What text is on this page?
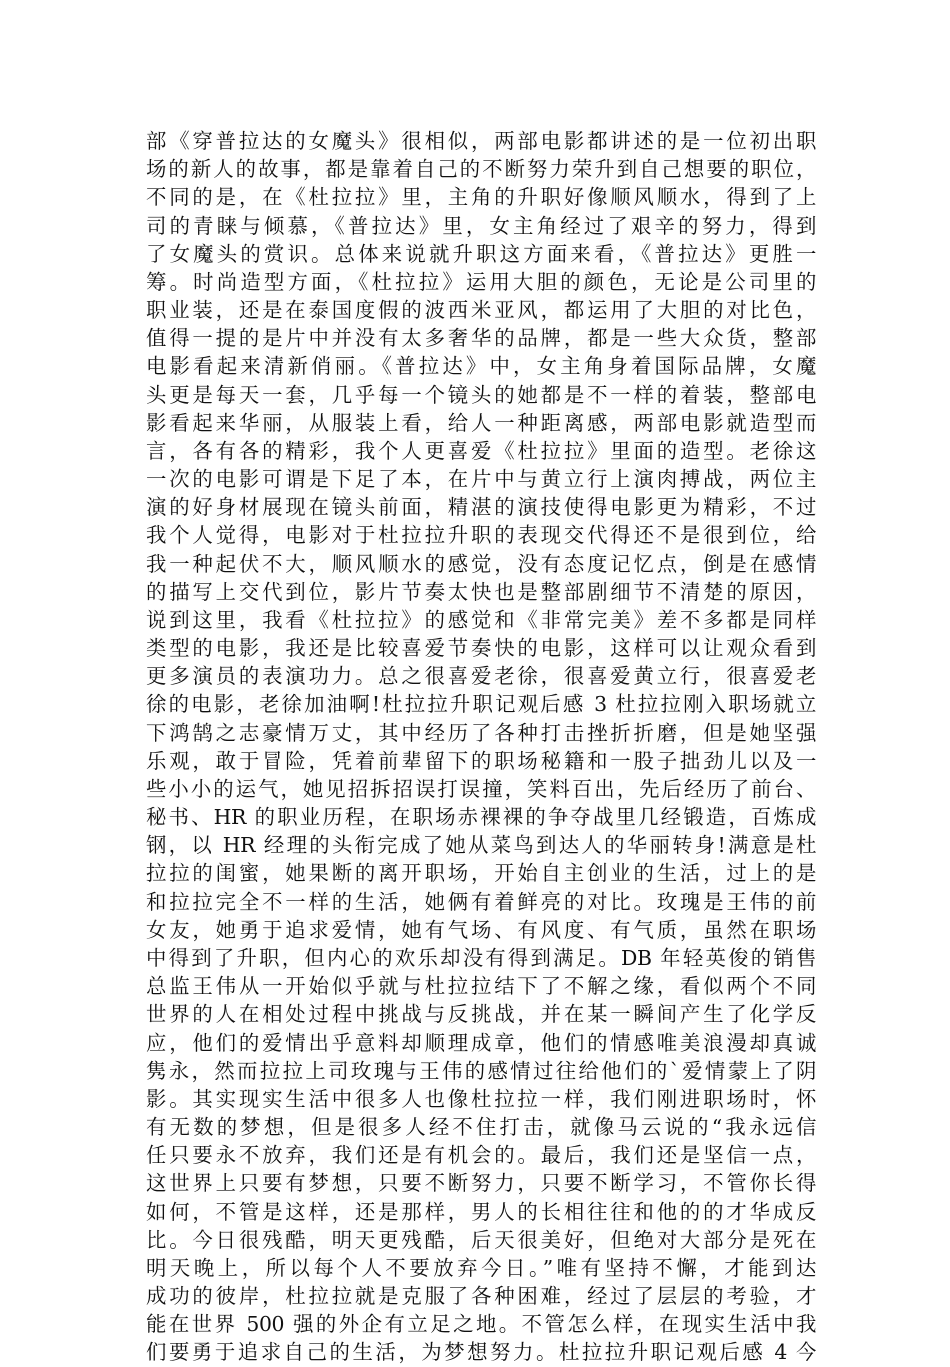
部《穿普拉达的女魔头》很相似，两部电影都讲述的是一位初出职
场的新人的故事，都是靠着自己的不断努力荣升到自己想要的职位，
不同的是，在《杜拉拉》里，主角的升职好像顺风顺水，得到了上
司的青睐与倾慕，《普拉达》里，女主角经过了艰辛的努力，得到
了女魔头的赏识。总体来说就升职这方面来看，《普拉达》更胜一
筹。时尚造型方面，《杜拉拉》运用大胆的颜色，无论是公司里的
职业装，还是在泰国度假的波西米亚风，都运用了大胆的对比色，
值得一提的是片中并没有太多奢华的品牌，都是一些大众货，整部
电影看起来清新俏丽。《普拉达》中，女主角身着国际品牌，女魔
头更是每天一套，几乎每一个镜头的她都是不一样的着装，整部电
影看起来华丽，从服装上看，给人一种距离感，两部电影就造型而
言，各有各的精彩，我个人更喜爱《杜拉拉》里面的造型。老徐这
一次的电影可谓是下足了本，在片中与黄立行上演肉搏战，两位主
演的好身材展现在镜头前面，精湛的演技使得电影更为精彩，不过
我个人觉得，电影对于杜拉拉升职的表现交代得还不是很到位，给
我一种起伏不大，顺风顺水的感觉，没有态度记忆点，倒是在感情
的描写上交代到位，影片节奏太快也是整部剧细节不清楚的原因，
说到这里，我看《杜拉拉》的感觉和《非常完美》差不多都是同样
类型的电影，我还是比较喜爱节奏快的电影，这样可以让观众看到
更多演员的表演功力。总之很喜爱老徐，很喜爱黄立行，很喜爱老
徐的电影，老徐加油啊!杜拉拉升职记观后感 3 杜拉拉刚入职场就立
下鸿鹄之志豪情万丈，其中经历了各种打击挫折折磨，但是她坚强
乐观，敢于冒险，凭着前辈留下的职场秘籍和一股子拙劲儿以及一
些小小的运气，她见招拆招误打误撞，笑料百出，先后经历了前台、
秘书、HR 的职业历程，在职场赤裸裸的争夺战里几经锻造，百炼成
钢，以 HR 经理的头衔完成了她从菜鸟到达人的华丽转身!满意是杜
拉拉的闺蜜，她果断的离开职场，开始自主创业的生活，过上的是
和拉拉完全不一样的生活，她俩有着鲜亮的对比。玫瑰是王伟的前
女友，她勇于追求爱情，她有气场、有风度、有气质，虽然在职场
中得到了升职，但内心的欢乐却没有得到满足。DB 年轻英俊的销售
总监王伟从一开始似乎就与杜拉拉结下了不解之缘，看似两个不同
世界的人在相处过程中挑战与反挑战，并在某一瞬间产生了化学反
应，他们的爱情出乎意料却顺理成章，他们的情感唯美浪漫却真诚
隽永，然而拉拉上司玫瑰与王伟的感情过往给他们的`爱情蒙上了阴
影。其实现实生活中很多人也像杜拉拉一样，我们刚进职场时，怀
有无数的梦想，但是很多人经不住打击，就像马云说的“我永远信
任只要永不放弃，我们还是有机会的。最后，我们还是坚信一点，
这世界上只要有梦想，只要不断努力，只要不断学习，不管你长得
如何，不管是这样，还是那样，男人的长相往往和他的的才华成反
比。今日很残酷，明天更残酷，后天很美好，但绝对大部分是死在
明天晚上，所以每个人不要放弃今日。”唯有坚持不懈，才能到达
成功的彼岸，杜拉拉就是克服了各种困难，经过了层层的考验，才
能在世界 500 强的外企有立足之地。不管怎么样，在现实生活中我
们要勇于追求自己的生活，为梦想努力。杜拉拉升职记观后感 4 今
